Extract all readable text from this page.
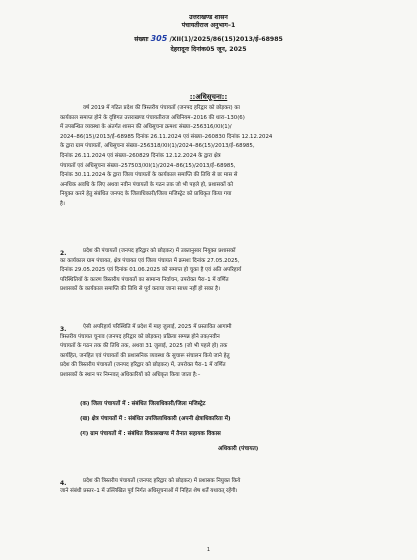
उत्तराखण्ड शासन
पंचायतीराज अनुभाग–1
संख्याः 305 /XII(1)/2025/86(15)2013/ई–68985
देहरादूनः दिनांक05 जून, 2025
::अधिसूचना::
वर्ष 2019 में गठित प्रदेश की त्रिस्तरीय पंचायतों (जनपद हरिद्वार को छोड़कर) का
कार्यकाल समाप्त होने के दृष्टिगत उत्तराखण्ड पंचायतीराज अधिनियम–2016 की धारा–130(6)
में उपबन्धित व्यवस्था के अंतर्गत शासन की अधिसूचना क्रमशः संख्या–256316/XII(1)/
2024–86(15)/2013/ई–68985 दिनांक 26.11.2024 एवं संख्या–260830 दिनांक 12.12.2024
के द्वारा ग्राम पंचायतों, अधिसूचना संख्या–256318/XII(1)/2024–86(15)/2013/ई–68985,
दिनांक 26.11.2024 एवं संख्या–260829 दिनांक 12.12.2024 के द्वारा क्षेत्र
पंचायतों एवं अधिसूचना संख्या–257503/XII(1)/2024–86(15)/2013/ई–68985,
दिनांक 30.11.2024 के द्वारा जिला पंचायतों के कार्यकाल समाप्ति की तिथि से छः मास से
अनधिक अवधि के लिए अथवा नवीन पंचायतों के गठन तक जो भी पहले हो, प्रशासकों को
नियुक्त करने हेतु संबंधित जनपद के जिलाधिकारी/जिला मजिस्ट्रेट को प्राधिकृत किया गया
है।
2.	प्रदेश की पंचायतों (जनपद हरिद्वार को छोड़कर) में उक्तानुसार नियुक्त प्रशासकों
का कार्यकाल ग्राम पंचायत, क्षेत्र पंचायत एवं जिला पंचायत में क्रमशः दिनांक 27.05.2025,
दिनांक 29.05.2025 एवं दिनांक 01.06.2025 को समाप्त हो चुका है एवं अति अपरिहार्य
परिस्थितियों के कारण त्रिस्तरीय पंचायतों का सामान्य निर्वाचन, उपरोक्त पैरा–1 में वर्णित
प्रशासकों के कार्यकाल समाप्ति की तिथि से पूर्व कराया जाना साध्य नहीं हो सका है।
3.	ऐसी अपरिहार्य परिस्थिति में प्रदेश में माह जुलाई, 2025 में प्रस्तावित आगामी
त्रिस्तरीय पंचायत चुनाव (जनपद हरिद्वार को छोड़कर) प्रक्रिया सम्पन्न होने तक/नवीन
पंचायतों के गठन तक की तिथि तक, अथवा 31 जुलाई, 2025 (जो भी पहले हो) तक
कार्यहित, जनहित एवं पंचायतों की प्रशासनिक व्यवस्था के सुचारू संचालन किये जाने हेतु
प्रदेश की त्रिस्तरीय पंचायतों (जनपद हरिद्वार को छोड़कर) में, उपरोक्त पैरा–1 में वर्णित
प्रशासकों के स्थान पर निम्नवत् अधिकारियों को अधिकृत किया जाता है:–
(क) जिला पंचायतों में : संबंधित जिलाधिकारी/जिला मजिस्ट्रेट
(ख) क्षेत्र पंचायतों में : संबंधित उपजिलाधिकारी (अपनी क्षेत्राधिकारिता में)
(ग) ग्राम पंचायतों में : संबंधित विकासखण्ड में तैनात सहायक विकास
अधिकारी (पंचायत)
4.	प्रदेश की त्रिस्तरीय पंचायतों (जनपद हरिद्वार को छोड़कर) में प्रशासक नियुक्त किये
जाने संबंधी प्रस्तर–1 में उल्लिखित पूर्व निर्गत अधिसूचनाओं में निहित शेष शर्तें यथावत् रहेंगी।
1
